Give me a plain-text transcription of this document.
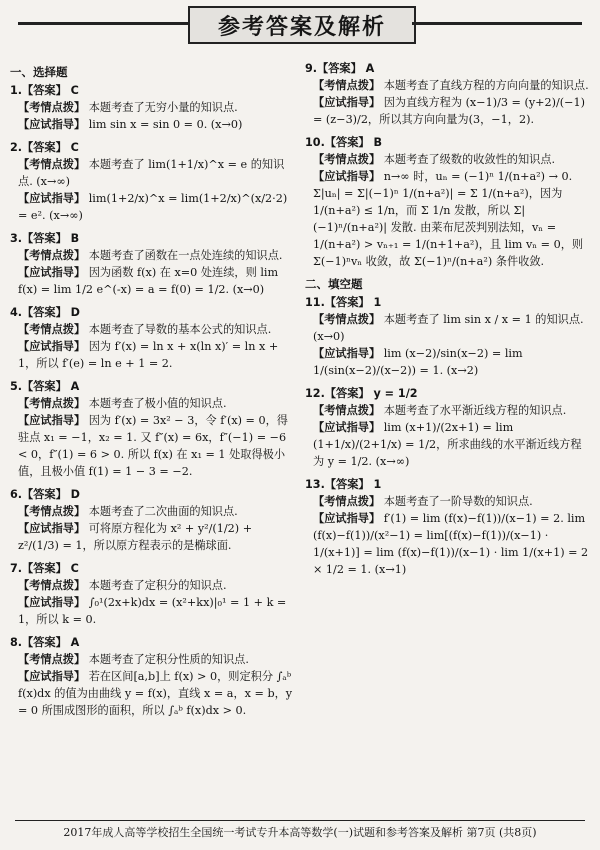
参考答案及解析
一、选择题
1.【答案】 C
【考情点拨】 本题考查了无穷小量的知识点.
【应试指导】 lim sin x = sin 0 = 0. (x→0)
2.【答案】 C
【考情点拨】 本题考查了 lim(1+1/x)^x = e 的知识点. (x→∞)
【应试指导】 lim(1+2/x)^x = lim(1+2/x)^(x/2·2) = e². (x→∞)
3.【答案】 B
【考情点拨】 本题考查了函数在一点处连续的知识点.
【应试指导】 因为函数 f(x) 在 x=0 处连续，则 lim f(x) = lim 1/2 e^(-x) = a = f(0) = 1/2. (x→0)
4.【答案】 D
【考情点拨】 本题考查了导数的基本公式的知识点.
【应试指导】 因为 f′(x) = ln x + x(ln x)′ = ln x + 1，所以 f′(e) = ln e + 1 = 2.
5.【答案】 A
【考情点拨】 本题考查了极小值的知识点.
【应试指导】 因为 f′(x) = 3x² − 3，令 f′(x) = 0，得驻点 x₁ = −1，x₂ = 1. 又 f″(x) = 6x，f″(−1) = −6 < 0，f″(1) = 6 > 0. 所以 f(x) 在 x₁ = 1 处取得极小值，且极小值 f(1) = 1 − 3 = −2.
6.【答案】 D
【考情点拨】 本题考查了二次曲面的知识点.
【应试指导】 可将原方程化为 x² + y²/(1/2) + z²/(1/3) = 1，所以原方程表示的是椭球面.
7.【答案】 C
【考情点拨】 本题考查了定积分的知识点.
【应试指导】 ∫₀¹(2x+k)dx = (x²+kx)|₀¹ = 1 + k = 1，所以 k = 0.
8.【答案】 A
【考情点拨】 本题考查了定积分性质的知识点.
【应试指导】 若在区间[a,b]上 f(x) > 0，则定积分 ∫ₐᵇ f(x)dx 的值为由曲线 y = f(x)，直线 x = a，x = b，y = 0 所围成图形的面积，所以 ∫ₐᵇ f(x)dx > 0.
9.【答案】 A
【考情点拨】 本题考查了直线方程的方向向量的知识点.
【应试指导】 因为直线方程为 (x−1)/3 = (y+2)/(−1) = (z−3)/2，所以其方向向量为(3，−1，2).
10.【答案】 B
【考情点拨】 本题考查了级数的收敛性的知识点.
【应试指导】 n→∞ 时，uₙ = (−1)ⁿ 1/(n+a²) → 0. Σ|uₙ| = Σ|(−1)ⁿ 1/(n+a²)| = Σ 1/(n+a²)，因为 1/(n+a²) ≤ 1/n，而 Σ 1/n 发散，所以 Σ|(−1)ⁿ/(n+a²)| 发散. 由莱布尼茨判别法知，vₙ = 1/(n+a²) > vₙ₊₁ = 1/(n+1+a²)，且 lim vₙ = 0，则 Σ(−1)ⁿvₙ 收敛，故 Σ(−1)ⁿ/(n+a²) 条件收敛.
二、填空题
11.【答案】 1
【考情点拨】 本题考查了 lim sin x / x = 1 的知识点. (x→0)
【应试指导】 lim (x−2)/sin(x−2) = lim 1/(sin(x−2)/(x−2)) = 1. (x→2)
12.【答案】 y = 1/2
【考情点拨】 本题考查了水平渐近线方程的知识点.
【应试指导】 lim (x+1)/(2x+1) = lim (1+1/x)/(2+1/x) = 1/2，所求曲线的水平渐近线方程为 y = 1/2. (x→∞)
13.【答案】 1
【考情点拨】 本题考查了一阶导数的知识点.
【应试指导】 f′(1) = lim (f(x)−f(1))/(x−1) = 2. lim (f(x)−f(1))/(x²−1) = lim[(f(x)−f(1))/(x−1) · 1/(x+1)] = lim (f(x)−f(1))/(x−1) · lim 1/(x+1) = 2 × 1/2 = 1. (x→1)
2017年成人高等学校招生全国统一考试专升本高等数学(一)试题和参考答案及解析 第7页 (共8页)
